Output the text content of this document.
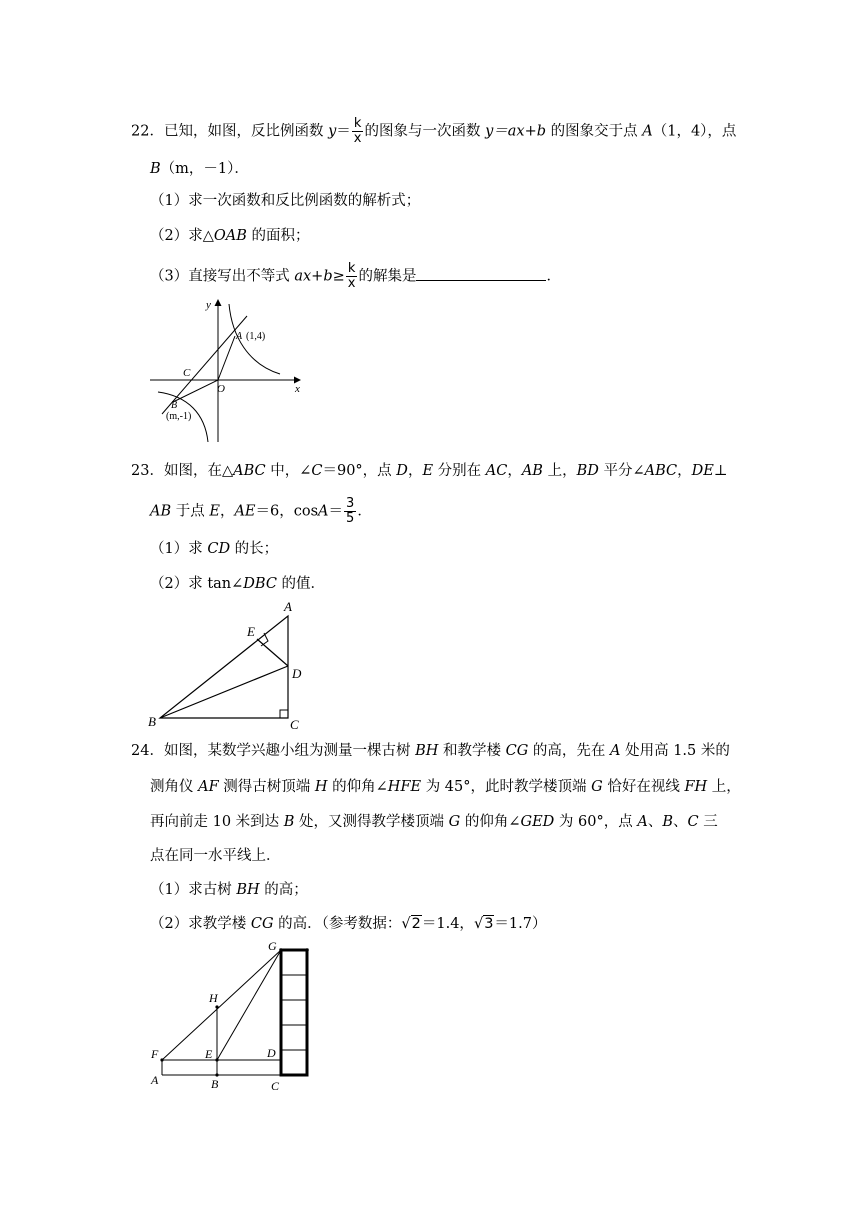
22．已知，如图，反比例函数 $y= \frac{k}{x}$ 的图象与一次函数 y＝ax+b 的图象交于点 A（1，4），点
B（m，－1）．
（1）求一次函数和反比例函数的解析式；
（2）求△OAB 的面积；
（3）直接写出不等式 $ax+b\ge \frac{k}{x}$ 的解集是	．
y
x
O
C
A (1,4)
B
(m,-1)
23．如图，在△ABC 中，∠C＝90°，点 D，E 分别在 AC，AB 上，BD 平分∠ABC，DE⊥
AB 于点 E，AE＝6，$\cos A= \frac{3}{5}$ ．
（1）求 CD 的长；
（2）求 tan∠DBC 的值．
A
E
D
B	C
24．如图，某数学兴趣小组为测量一棵古树 BH 和教学楼 CG 的高，先在 A 处用高 1.5 米的
测角仪 AF 测得古树顶端 H 的仰角∠HFE 为 45°，此时教学楼顶端 G 恰好在视线 FH 上，
再向前走 10 米到达 B 处，又测得教学楼顶端 G 的仰角∠GED 为 60°，点 A、B、C 三
点在同一水平线上．
（1）求古树 BH 的高；
（2）求教学楼 CG 的高．（参考数据：√2＝1.4，√3＝1.7）
G
H
F	E	D
A	B	C
